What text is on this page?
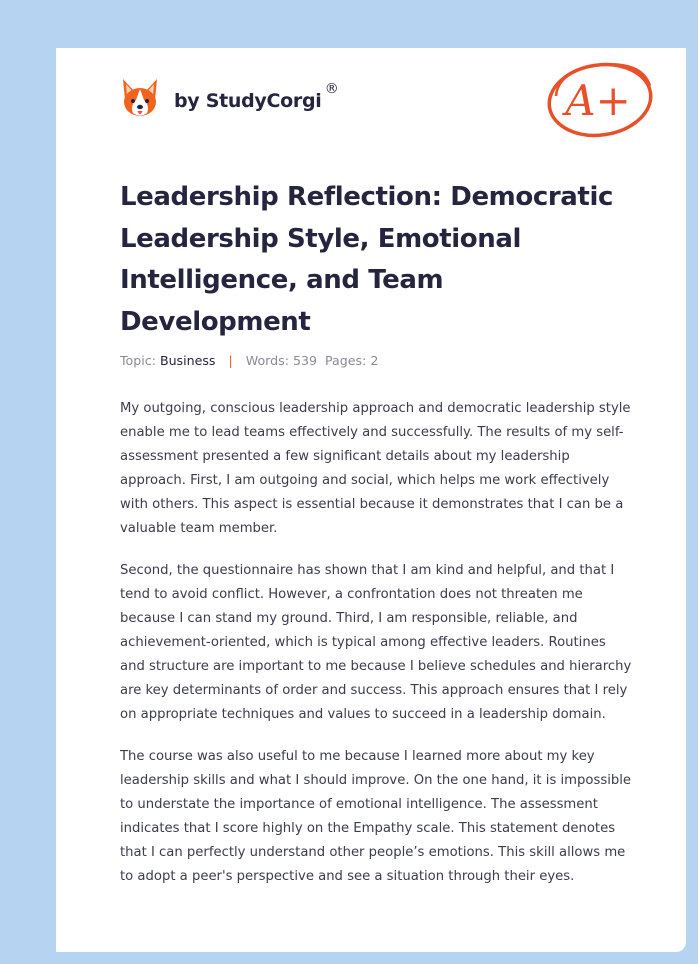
by StudyCorgi
®	A+
Leadership Reflection: Democratic Leadership Style, Emotional Intelligence, and Team Development
Topic: Business | Words: 539 Pages: 2

My outgoing, conscious leadership approach and democratic leadership style enable me to lead teams effectively and successfully. The results of my self-assessment presented a few significant details about my leadership approach. First, I am outgoing and social, which helps me work effectively with others. This aspect is essential because it demonstrates that I can be a valuable team member.

Second, the questionnaire has shown that I am kind and helpful, and that I tend to avoid conflict. However, a confrontation does not threaten me because I can stand my ground. Third, I am responsible, reliable, and achievement-oriented, which is typical among effective leaders. Routines and structure are important to me because I believe schedules and hierarchy are key determinants of order and success. This approach ensures that I rely on appropriate techniques and values to succeed in a leadership domain.

The course was also useful to me because I learned more about my key leadership skills and what I should improve. On the one hand, it is impossible to understate the importance of emotional intelligence. The assessment indicates that I score highly on the Empathy scale. This statement denotes that I can perfectly understand other people’s emotions. This skill allows me to adopt a peer's perspective and see a situation through their eyes.
